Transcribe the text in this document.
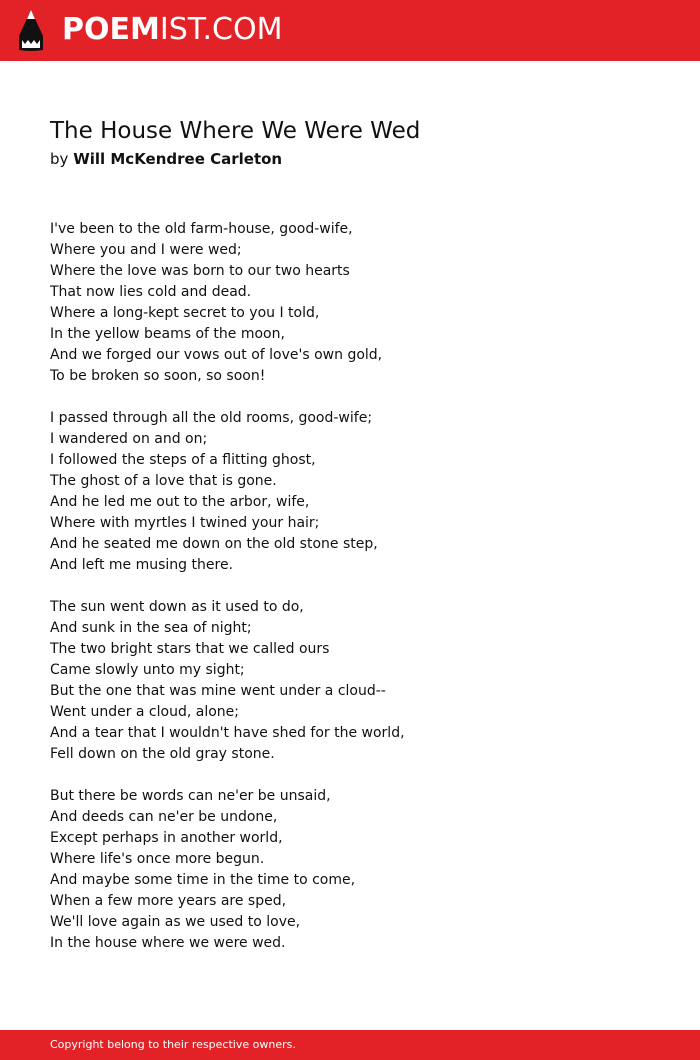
POEMIST.COM
The House Where We Were Wed
by Will McKendree Carleton
I've been to the old farm-house, good-wife,
Where you and I were wed;
Where the love was born to our two hearts
That now lies cold and dead.
Where a long-kept secret to you I told,
In the yellow beams of the moon,
And we forged our vows out of love's own gold,
To be broken so soon, so soon!
I passed through all the old rooms, good-wife;
I wandered on and on;
I followed the steps of a flitting ghost,
The ghost of a love that is gone.
And he led me out to the arbor, wife,
Where with myrtles I twined your hair;
And he seated me down on the old stone step,
And left me musing there.
The sun went down as it used to do,
And sunk in the sea of night;
The two bright stars that we called ours
Came slowly unto my sight;
But the one that was mine went under a cloud--
Went under a cloud, alone;
And a tear that I wouldn't have shed for the world,
Fell down on the old gray stone.
But there be words can ne'er be unsaid,
And deeds can ne'er be undone,
Except perhaps in another world,
Where life's once more begun.
And maybe some time in the time to come,
When a few more years are sped,
We'll love again as we used to love,
In the house where we were wed.
Copyright belong to their respective owners.
